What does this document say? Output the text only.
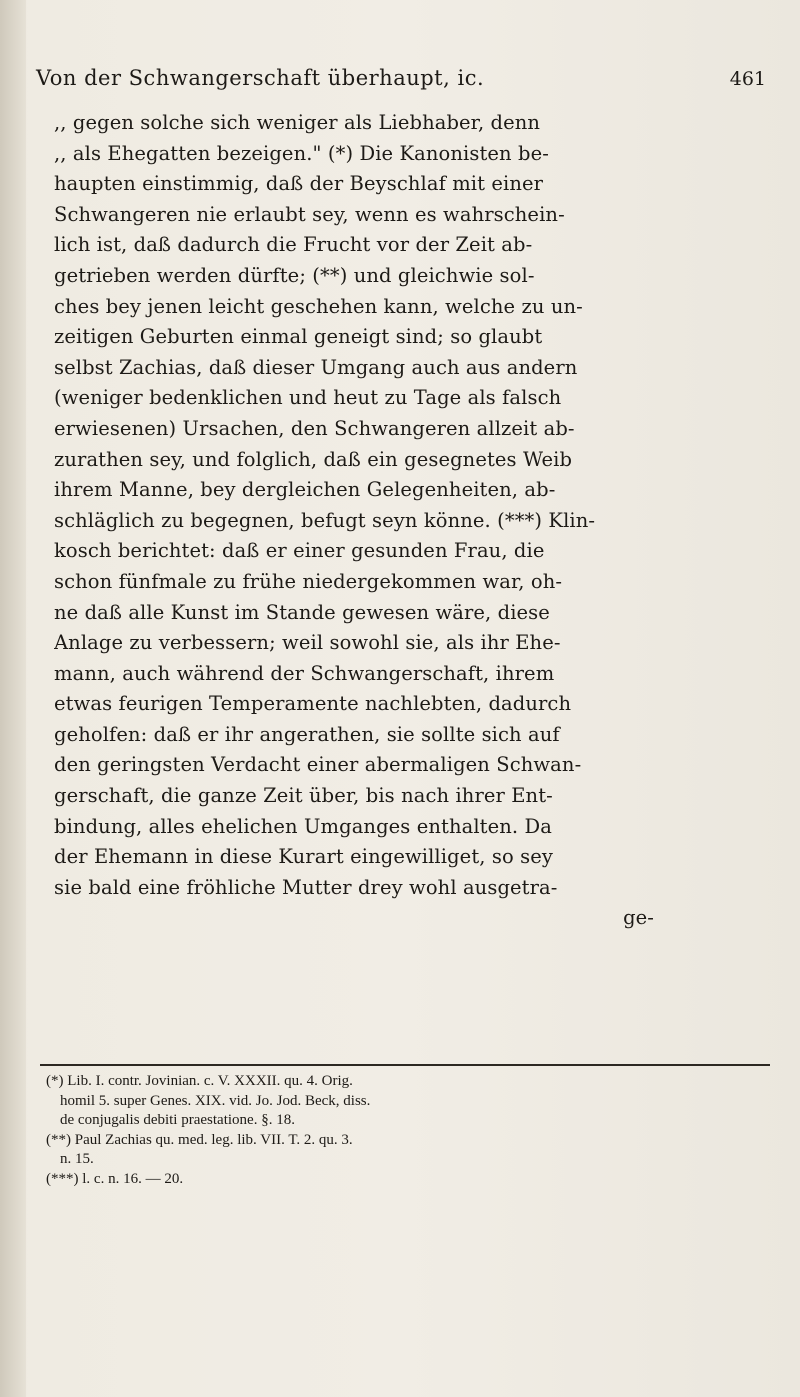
Von der Schwangerschaft überhaupt, ic.	461
,, gegen solche sich weniger als Liebhaber, denn
,, als Ehegatten bezeigen." (*) Die Kanonisten be-
haupten einstimmig, daß der Beyschlaf mit einer
Schwangeren nie erlaubt sey, wenn es wahrschein-
lich ist, daß dadurch die Frucht vor der Zeit ab-
getrieben werden dürfte; (**) und gleichwie sol-
ches bey jenen leicht geschehen kann, welche zu un-
zeitigen Geburten einmal geneigt sind; so glaubt
selbst Zachias, daß dieser Umgang auch aus andern
(weniger bedenklichen und heut zu Tage als falsch
erwiesenen) Ursachen, den Schwangeren allzeit ab-
zurathen sey, und folglich, daß ein gesegnetes Weib
ihrem Manne, bey dergleichen Gelegenheiten, ab-
schläglich zu begegnen, befugt seyn könne. (***) Klin-
kosch berichtet: daß er einer gesunden Frau, die
schon fünfmale zu frühe niedergekommen war, oh-
ne daß alle Kunst im Stande gewesen wäre, diese
Anlage zu verbessern; weil sowohl sie, als ihr Ehe-
mann, auch während der Schwangerschaft, ihrem
etwas feurigen Temperamente nachlebten, dadurch
geholfen: daß er ihr angerathen, sie sollte sich auf
den geringsten Verdacht einer abermaligen Schwan-
gerschaft, die ganze Zeit über, bis nach ihrer Ent-
bindung, alles ehelichen Umganges enthalten. Da
der Ehemann in diese Kurart eingewilliget, so sey
sie bald eine fröhliche Mutter drey wohl ausgetra-
ge-
(*) Lib. I. contr. Jovinian. c. V. XXXII. qu. 4. Orig.
homil 5. super Genes. XIX. vid. Jo. Jod. Beck, diss.
de conjugalis debiti praestatione. §. 18.
(**) Paul Zachias qu. med. leg. lib. VII. T. 2. qu. 3.
n. 15.
(***) l. c. n. 16. — 20.
